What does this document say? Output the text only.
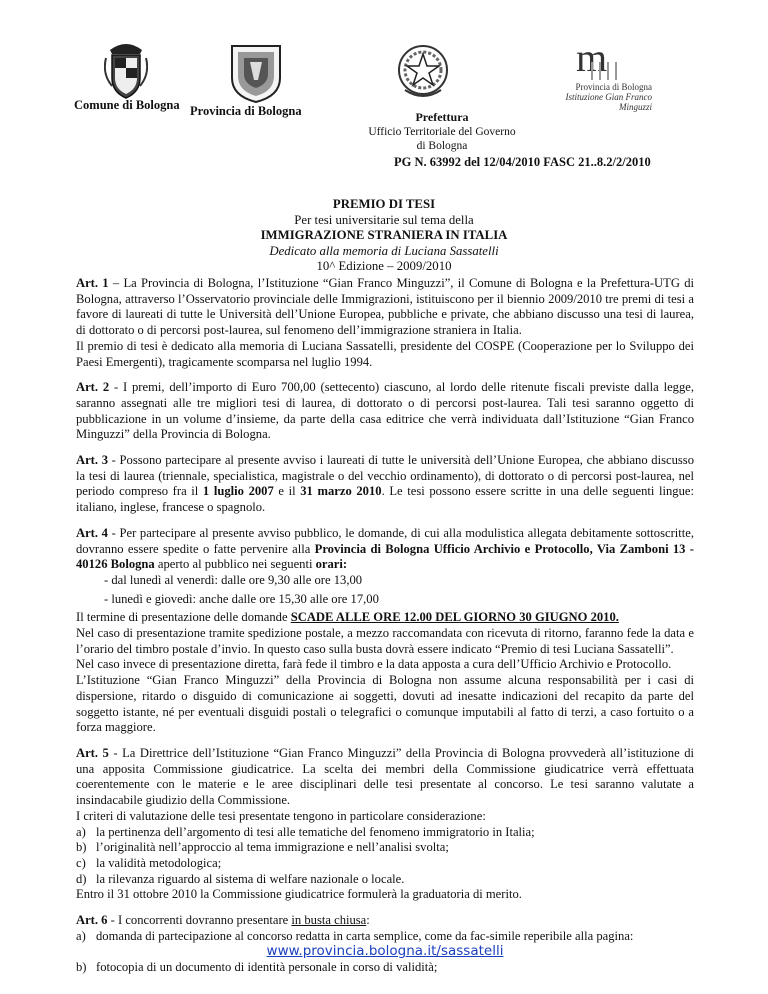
Comune di Bologna Provincia di Bologna	Prefettura
Ufficio Territoriale del Governo
di Bologna
m
Provincia di Bologna
Istituzione Gian Franco Minguzzi
PG N. 63992 del 12/04/2010 FASC 21..8.2/2/2010
PREMIO DI TESI
Per tesi universitarie sul tema della
IMMIGRAZIONE STRANIERA IN ITALIA
Dedicato alla memoria di Luciana Sassatelli
10^ Edizione – 2009/2010

Art. 1 – La Provincia di Bologna, l’Istituzione “Gian Franco Minguzzi”, il Comune di Bologna e la Prefettura-UTG di Bologna, attraverso l’Osservatorio provinciale delle Immigrazioni, istituiscono per il biennio 2009/2010 tre premi di tesi a favore di laureati di tutte le Università dell’Unione Europea, pubbliche e private, che abbiano discusso una tesi di laurea, di dottorato o di percorsi post-laurea, sul fenomeno dell’immigrazione straniera in Italia.

Il premio di tesi è dedicato alla memoria di Luciana Sassatelli, presidente del COSPE (Cooperazione per lo Sviluppo dei Paesi Emergenti), tragicamente scomparsa nel luglio 1994.

Art. 2 - I premi, dell’importo di Euro 700,00 (settecento) ciascuno, al lordo delle ritenute fiscali previste dalla legge, saranno assegnati alle tre migliori tesi di laurea, di dottorato o di percorsi post-laurea. Tali tesi saranno oggetto di pubblicazione in un volume d’insieme, da parte della casa editrice che verrà individuata dall’Istituzione “Gian Franco Minguzzi” della Provincia di Bologna.

Art. 3 - Possono partecipare al presente avviso i laureati di tutte le università dell’Unione Europea, che abbiano discusso la tesi di laurea (triennale, specialistica, magistrale o del vecchio ordinamento), di dottorato o di percorsi post-laurea, nel periodo compreso fra il 1 luglio 2007 e il 31 marzo 2010. Le tesi possono essere scritte in una delle seguenti lingue: italiano, inglese, francese o spagnolo.

Art. 4 - Per partecipare al presente avviso pubblico, le domande, di cui alla modulistica allegata debitamente sottoscritte, dovranno essere spedite o fatte pervenire alla Provincia di Bologna Ufficio Archivio e Protocollo, Via Zamboni 13 - 40126 Bologna aperto al pubblico nei seguenti orari:

- dal lunedì al venerdì: dalle ore 9,30 alle ore 13,00

- lunedì e giovedì: anche dalle ore 15,30 alle ore 17,00

Il termine di presentazione delle domande SCADE ALLE ORE 12.00 DEL GIORNO 30 GIUGNO 2010.

Nel caso di presentazione tramite spedizione postale, a mezzo raccomandata con ricevuta di ritorno, faranno fede la data e l’orario del timbro postale d’invio. In questo caso sulla busta dovrà essere indicato “Premio di tesi Luciana Sassatelli”.

Nel caso invece di presentazione diretta, farà fede il timbro e la data apposta a cura dell’Ufficio Archivio e Protocollo.

L’Istituzione “Gian Franco Minguzzi” della Provincia di Bologna non assume alcuna responsabilità per i casi di dispersione, ritardo o disguido di comunicazione ai soggetti, dovuti ad inesatte indicazioni del recapito da parte del soggetto istante, né per eventuali disguidi postali o telegrafici o comunque imputabili al fatto di terzi, a caso fortuito o a forza maggiore.

Art. 5 - La Direttrice dell’Istituzione “Gian Franco Minguzzi” della Provincia di Bologna provvederà all’istituzione di una apposita Commissione giudicatrice. La scelta dei membri della Commissione giudicatrice verrà effettuata coerentemente con le materie e le aree disciplinari delle tesi presentate al concorso. Le tesi saranno valutate a insindacabile giudizio della Commissione.

I criteri di valutazione delle tesi presentate tengono in particolare considerazione:

a) la pertinenza dell’argomento di tesi alle tematiche del fenomeno immigratorio in Italia;
b) l’originalità nell’approccio al tema immigrazione e nell’analisi svolta;
c) la validità metodologica;
d) la rilevanza riguardo al sistema di welfare nazionale o locale.

Entro il 31 ottobre 2010 la Commissione giudicatrice formulerà la graduatoria di merito.

Art. 6 - I concorrenti dovranno presentare in busta chiusa:

a) domanda di partecipazione al concorso redatta in carta semplice, come da fac-simile reperibile alla pagina:
www.provincia.bologna.it/sassatelli
b) fotocopia di un documento di identità personale in corso di validità;
